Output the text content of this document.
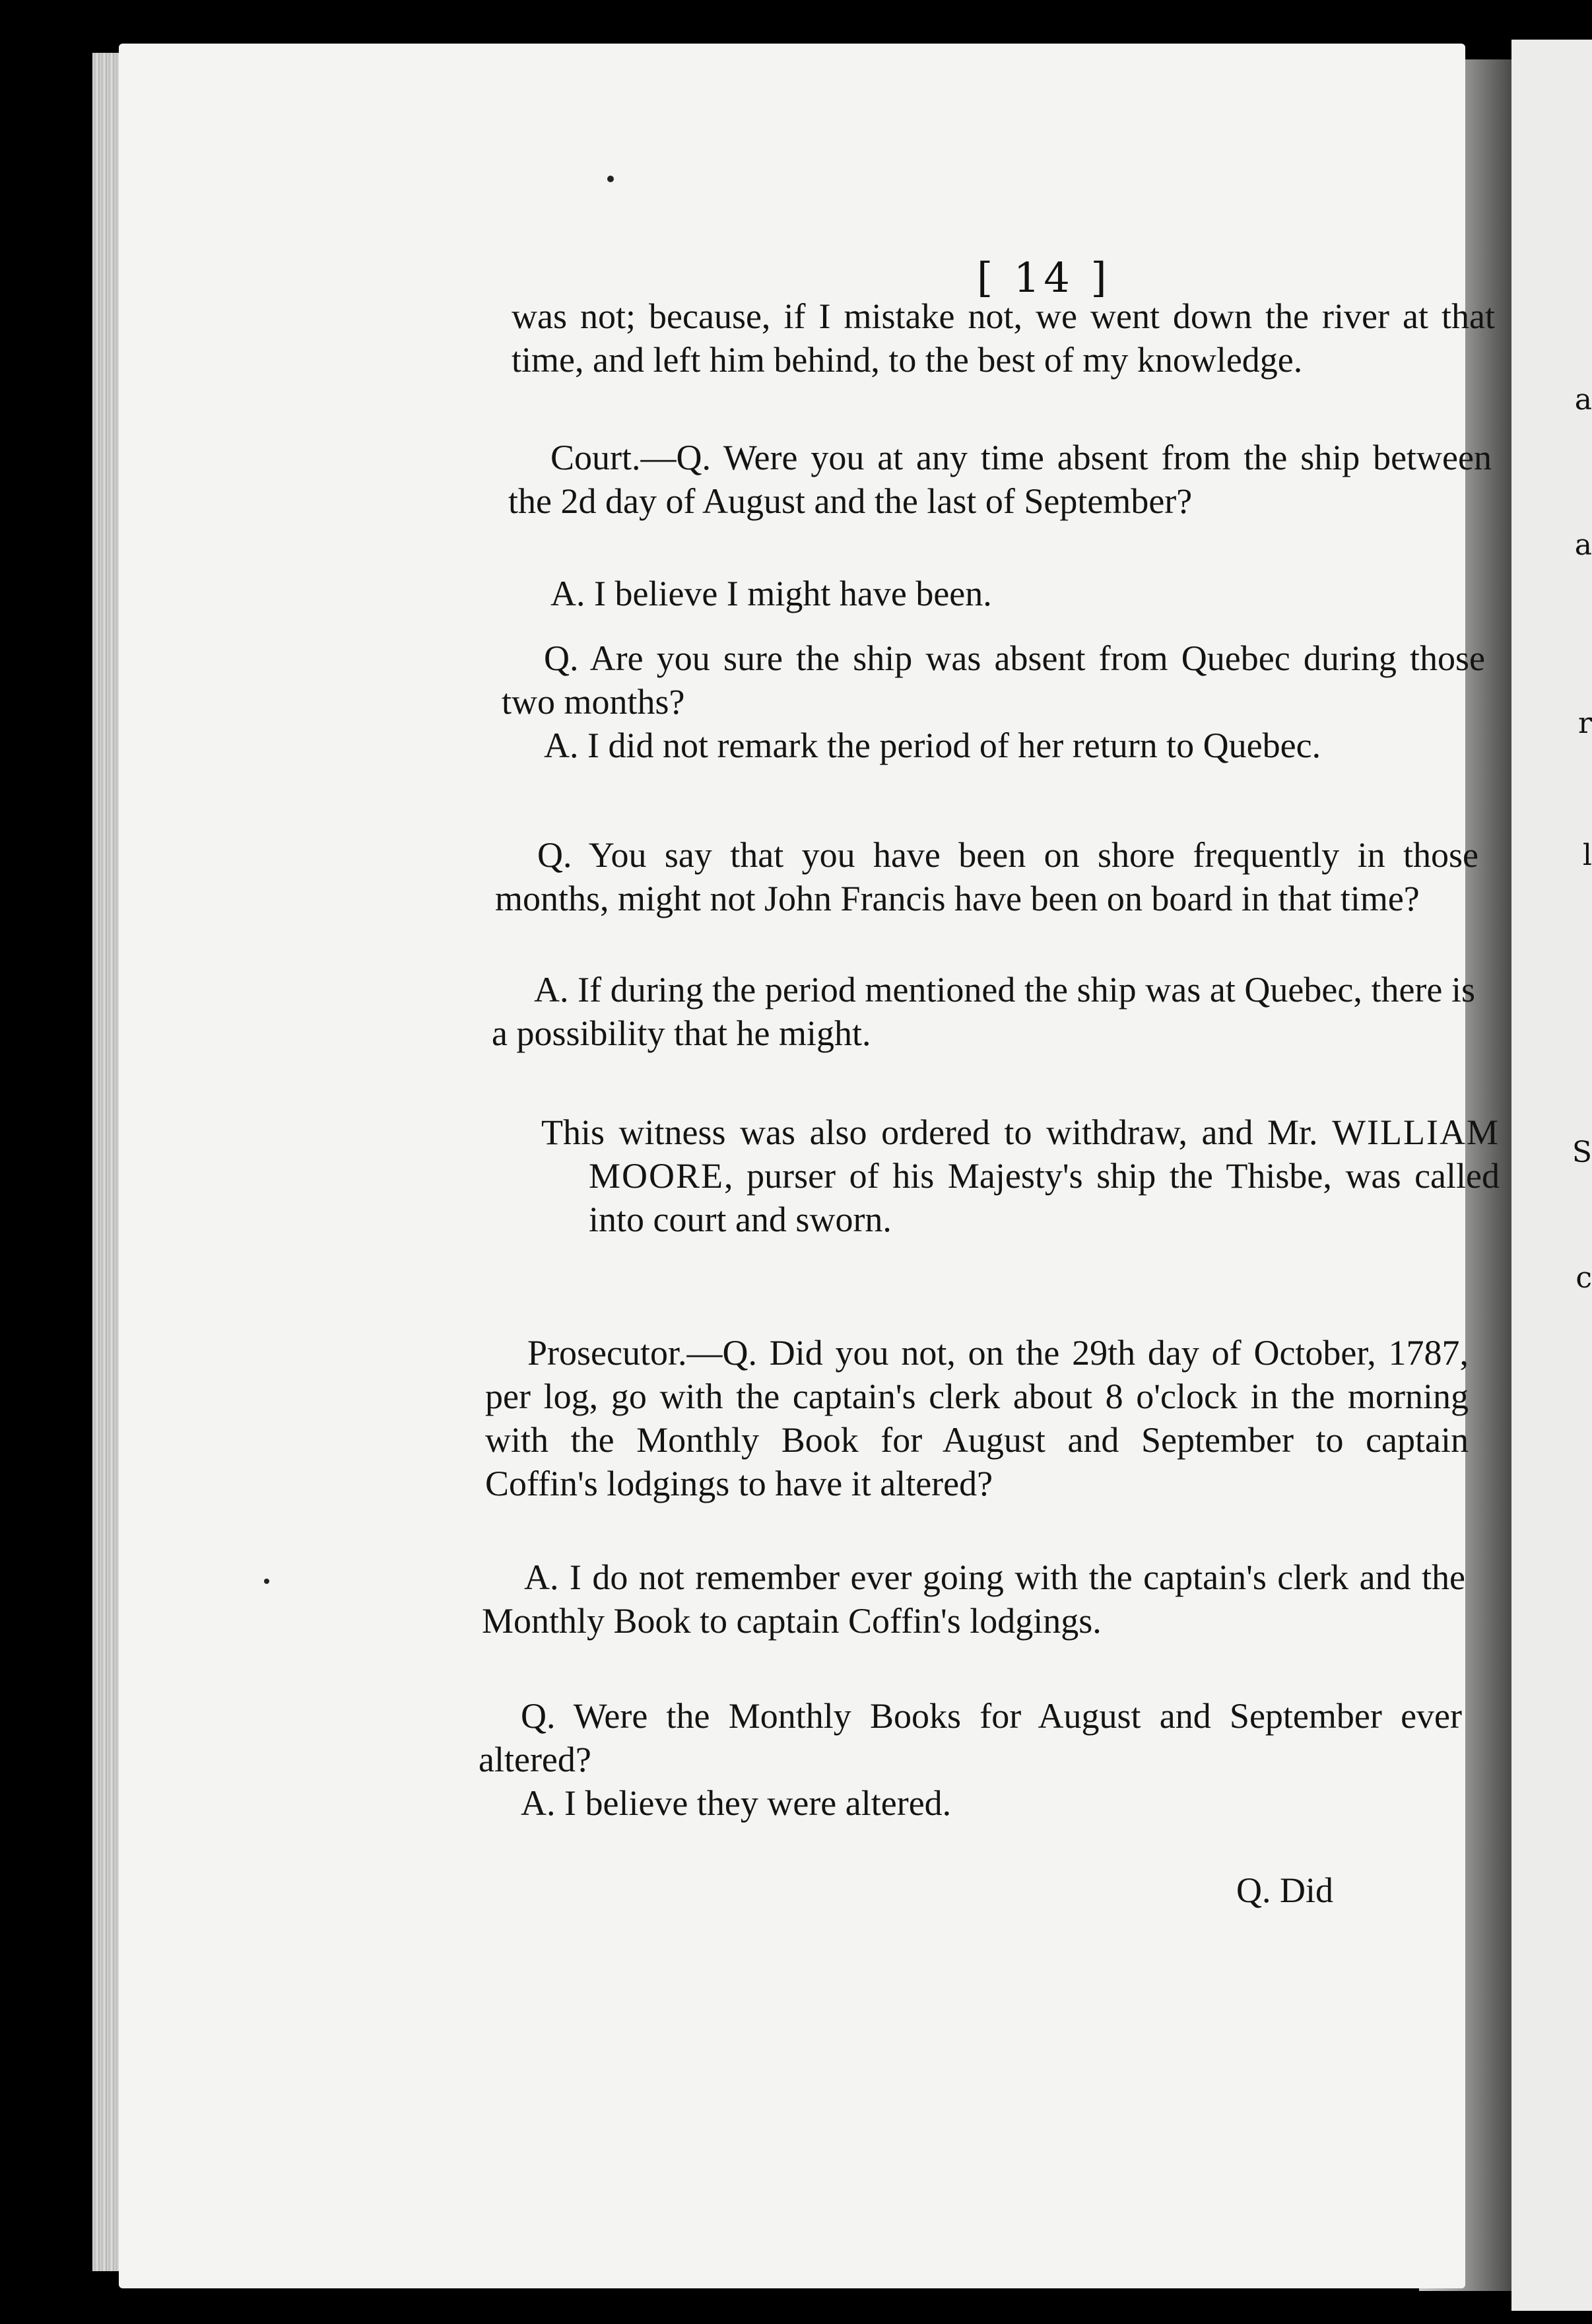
a
a
r
l
S
c
[ 14 ]
was not; because, if I mistake not, we went down the river at that time, and left him behind, to the best of my knowledge.
Court.—Q. Were you at any time absent from the ship between the 2d day of August and the last of September?
A. I believe I might have been.
Q. Are you sure the ship was absent from Quebec during those two months?
A. I did not remark the period of her return to Quebec.
Q. You say that you have been on shore frequently in those months, might not John Francis have been on board in that time?
A. If during the period mentioned the ship was at Quebec, there is a possibility that he might.
This witness was also ordered to withdraw, and Mr. WILLIAM MOORE, purser of his Majesty's ship the Thisbe, was called into court and sworn.
Prosecutor.—Q. Did you not, on the 29th day of October, 1787, per log, go with the captain's clerk about 8 o'clock in the morning with the Monthly Book for August and September to captain Coffin's lodgings to have it altered?
A. I do not remember ever going with the captain's clerk and the Monthly Book to captain Coffin's lodgings.
Q. Were the Monthly Books for August and September ever altered?
A. I believe they were altered.
Q. Did
